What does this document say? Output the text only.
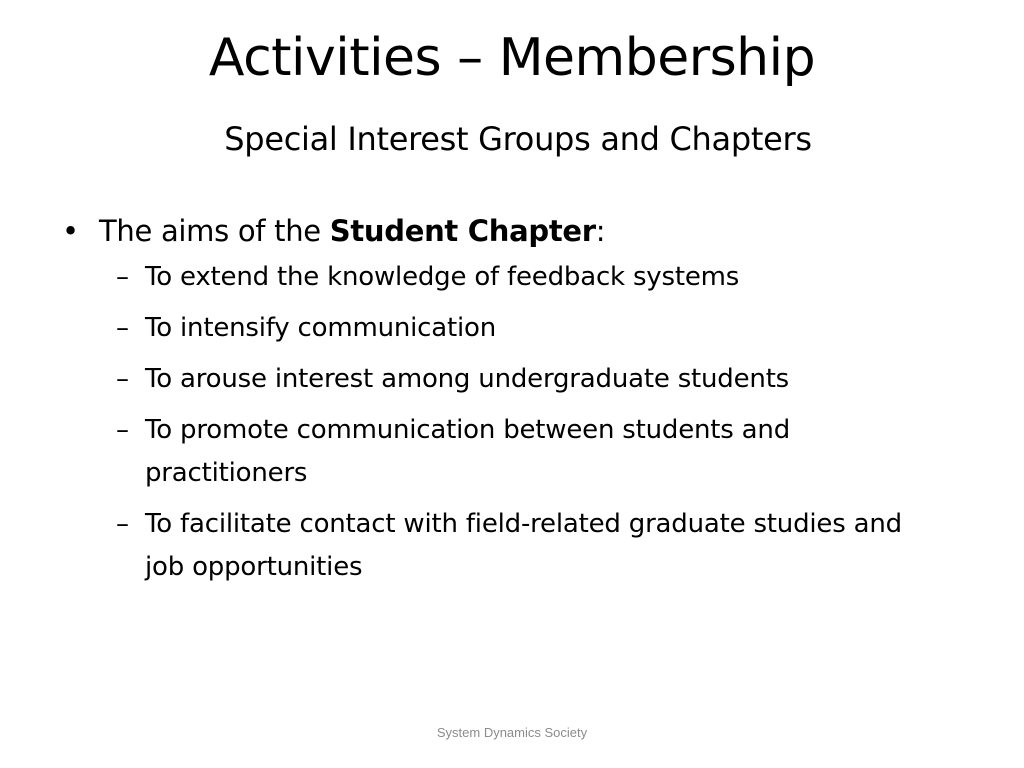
Activities – Membership
Special Interest Groups and Chapters
•
The aims of the Student Chapter:
–
To extend the knowledge of feedback systems
–
To intensify communication
–
To arouse interest among undergraduate students
–
To promote communication between students and practitioners
–
To facilitate contact with field-related graduate studies and job opportunities
System Dynamics Society
